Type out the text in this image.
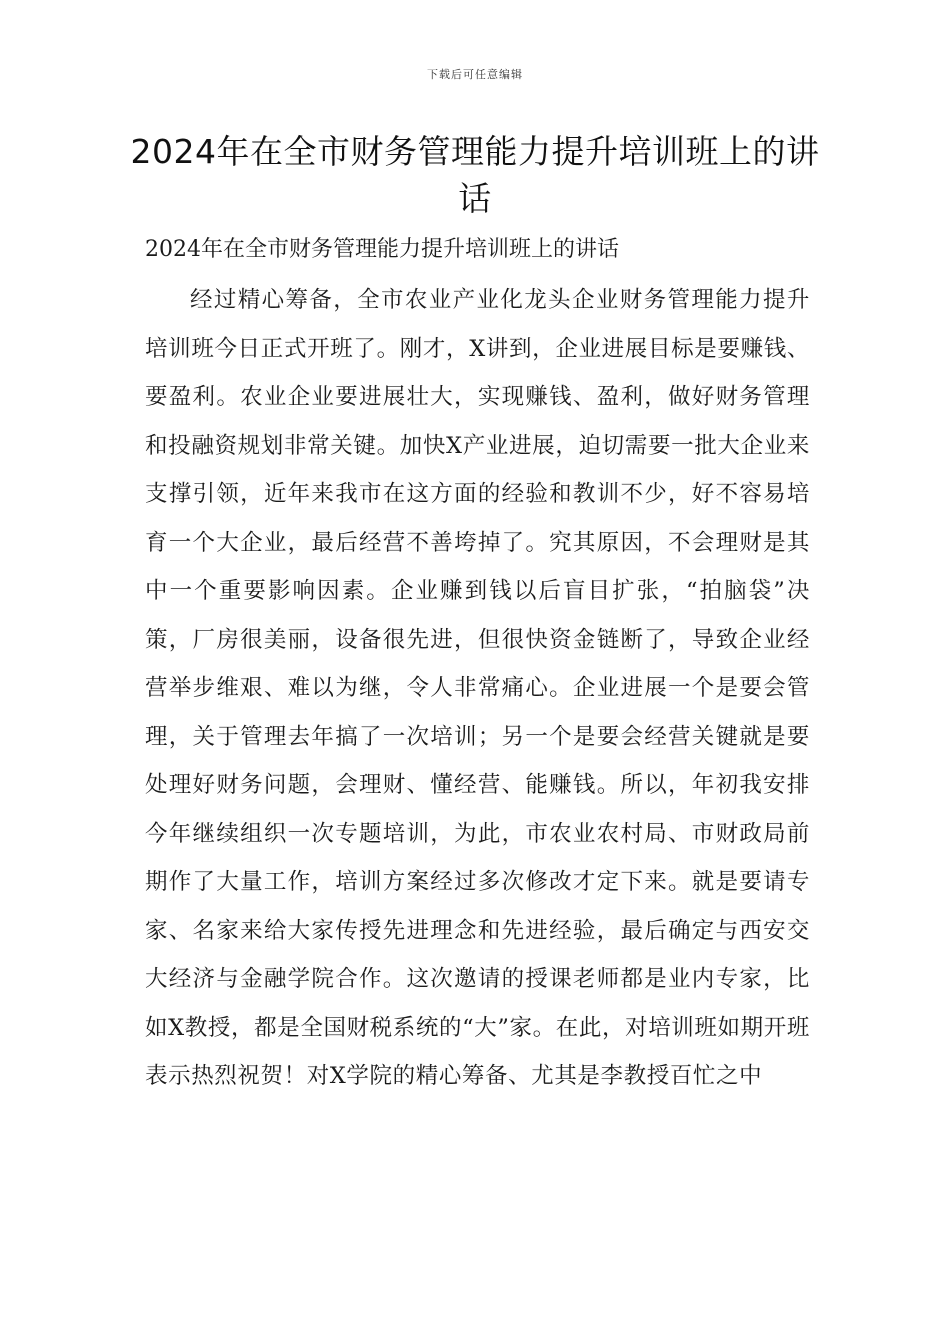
下载后可任意编辑
2024年在全市财务管理能力提升培训班上的讲话

2024年在全市财务管理能力提升培训班上的讲话

经过精心筹备，全市农业产业化龙头企业财务管理能力提升培训班今日正式开班了。刚才，X讲到，企业进展目标是要赚钱、要盈利。农业企业要进展壮大，实现赚钱、盈利，做好财务管理和投融资规划非常关键。加快X产业进展，迫切需要一批大企业来支撑引领，近年来我市在这方面的经验和教训不少，好不容易培育一个大企业，最后经营不善垮掉了。究其原因，不会理财是其中一个重要影响因素。企业赚到钱以后盲目扩张，“拍脑袋”决策，厂房很美丽，设备很先进，但很快资金链断了，导致企业经营举步维艰、难以为继，令人非常痛心。企业进展一个是要会管理，关于管理去年搞了一次培训；另一个是要会经营关键就是要处理好财务问题，会理财、懂经营、能赚钱。所以，年初我安排今年继续组织一次专题培训，为此，市农业农村局、市财政局前期作了大量工作，培训方案经过多次修改才定下来。就是要请专家、名家来给大家传授先进理念和先进经验，最后确定与西安交大经济与金融学院合作。这次邀请的授课老师都是业内专家，比如X教授，都是全国财税系统的“大”家。在此，对培训班如期开班表示热烈祝贺！对X学院的精心筹备、尤其是李教授百忙之中
